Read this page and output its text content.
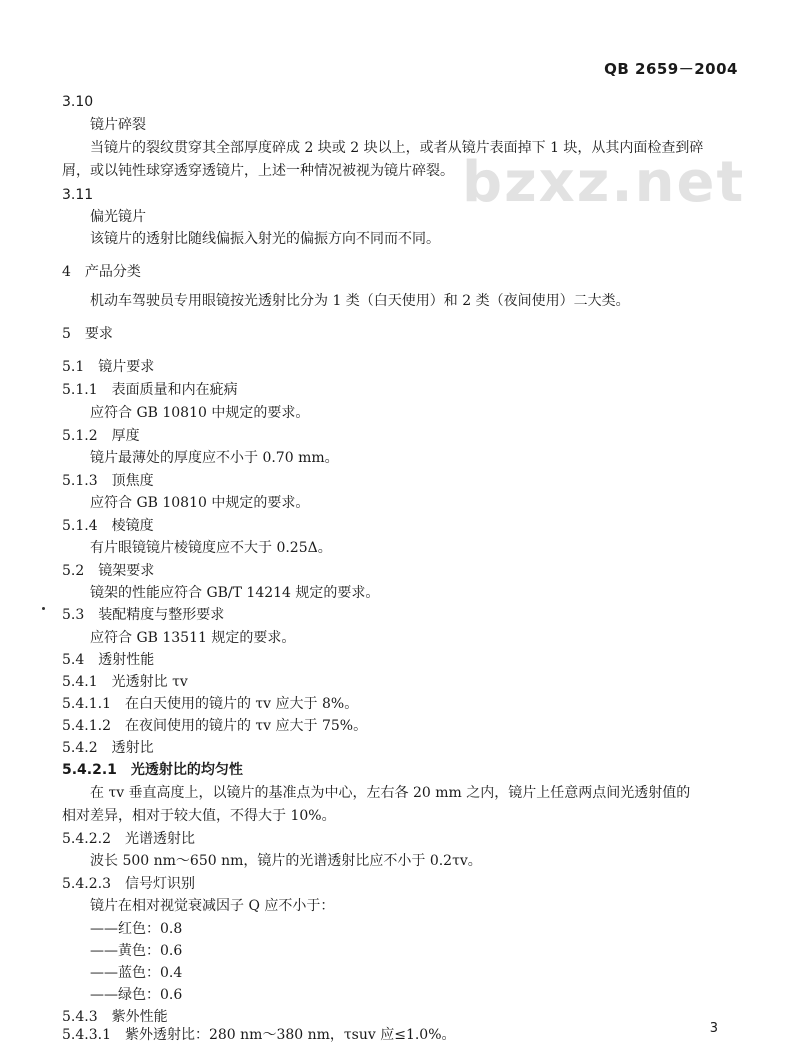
QB 2659－2004
bzxz.net
3.10
镜片碎裂
当镜片的裂纹贯穿其全部厚度碎成 2 块或 2 块以上，或者从镜片表面掉下 1 块，从其内面检查到碎
屑，或以钝性球穿透穿透镜片，上述一种情况被视为镜片碎裂。
3.11
偏光镜片
该镜片的透射比随线偏振入射光的偏振方向不同而不同。
4　产品分类
机动车驾驶员专用眼镜按光透射比分为 1 类（白天使用）和 2 类（夜间使用）二大类。
5　要求
5.1　镜片要求
5.1.1　表面质量和内在疵病
应符合 GB 10810 中规定的要求。
5.1.2　厚度
镜片最薄处的厚度应不小于 0.70 mm。
5.1.3　顶焦度
应符合 GB 10810 中规定的要求。
5.1.4　棱镜度
有片眼镜镜片棱镜度应不大于 0.25Δ。
5.2　镜架要求
镜架的性能应符合 GB/T 14214 规定的要求。
5.3　装配精度与整形要求
应符合 GB 13511 规定的要求。
5.4　透射性能
5.4.1　光透射比 τv
5.4.1.1　在白天使用的镜片的 τv 应大于 8%。
5.4.1.2　在夜间使用的镜片的 τv 应大于 75%。
5.4.2　透射比
5.4.2.1　光透射比的均匀性
在 τv 垂直高度上，以镜片的基准点为中心，左右各 20 mm 之内，镜片上任意两点间光透射值的
相对差异，相对于较大值，不得大于 10%。
5.4.2.2　光谱透射比
波长 500 nm～650 nm，镜片的光谱透射比应不小于 0.2τv。
5.4.2.3　信号灯识别
镜片在相对视觉衰减因子 Q 应不小于：
——红色：0.8
——黄色：0.6
——蓝色：0.4
——绿色：0.6
5.4.3　紫外性能
5.4.3.1　紫外透射比：280 nm～380 nm，τsuv 应≤1.0%。	3
